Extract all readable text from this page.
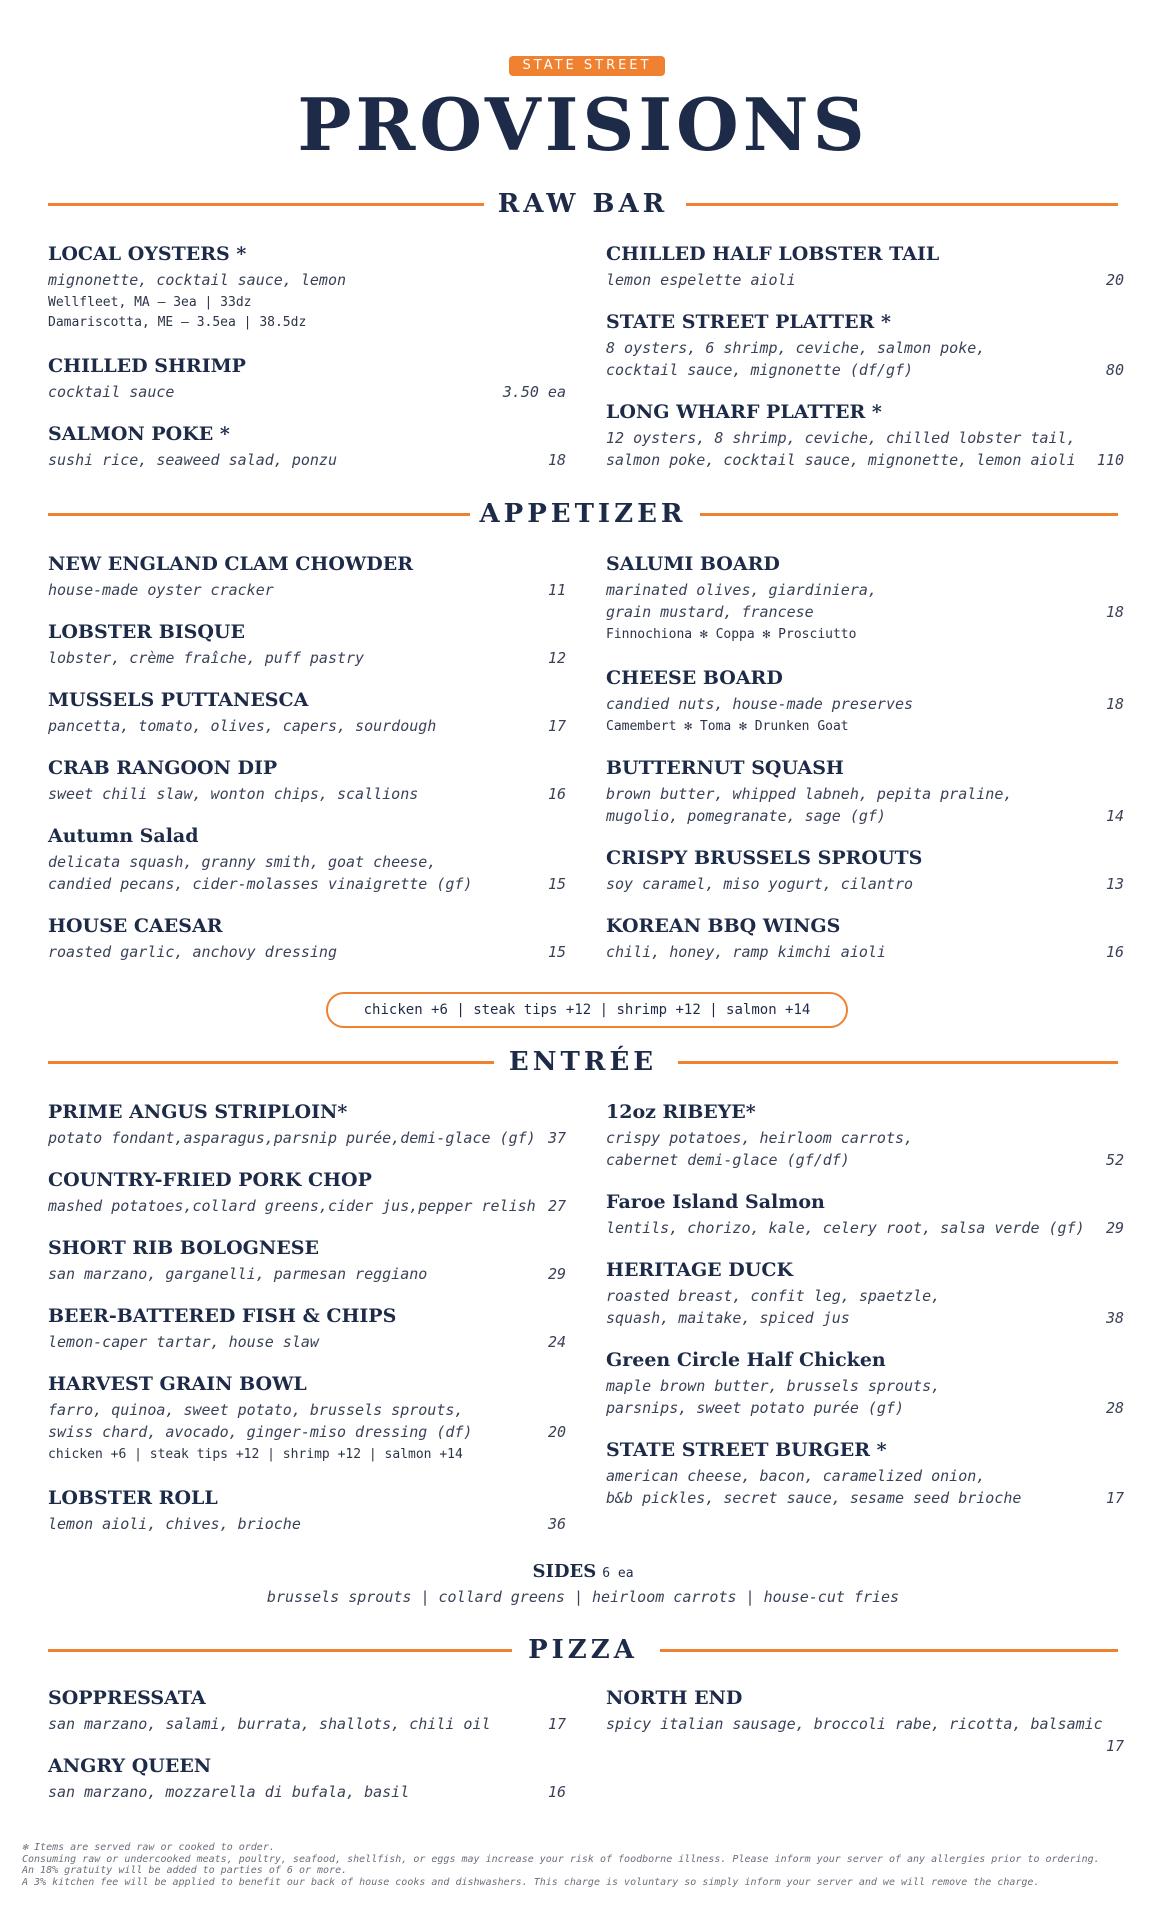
STATE STREET
PROVISIONS
RAW BAR
LOCAL OYSTERS *
mignonette, cocktail sauce, lemon
Wellfleet, MA – 3ea | 33dz
Damariscotta, ME – 3.5ea | 38.5dz
CHILLED SHRIMP
cocktail sauce	3.50 ea
SALMON POKE *
sushi rice, seaweed salad, ponzu	18
CHILLED HALF LOBSTER TAIL
lemon espelette aioli	20
STATE STREET PLATTER *
8 oysters, 6 shrimp, ceviche, salmon poke,
cocktail sauce, mignonette (df/gf)	80
LONG WHARF PLATTER *
12 oysters, 8 shrimp, ceviche, chilled lobster tail,
salmon poke, cocktail sauce, mignonette, lemon aioli	110
APPETIZER
NEW ENGLAND CLAM CHOWDER
house-made oyster cracker	11
LOBSTER BISQUE
lobster, crème fraîche, puff pastry	12
MUSSELS PUTTANESCA
pancetta, tomato, olives, capers, sourdough	17
CRAB RANGOON DIP
sweet chili slaw, wonton chips, scallions	16
Autumn Salad
delicata squash, granny smith, goat cheese,
candied pecans, cider-molasses vinaigrette (gf)	15
HOUSE CAESAR
roasted garlic, anchovy dressing	15
SALUMI BOARD
marinated olives, giardiniera,
grain mustard, francese	18
Finnochiona ✻ Coppa ✻ Prosciutto
CHEESE BOARD
candied nuts, house-made preserves	18
Camembert ✻ Toma ✻ Drunken Goat
BUTTERNUT SQUASH
brown butter, whipped labneh, pepita praline,
mugolio, pomegranate, sage (gf)	14
CRISPY BRUSSELS SPROUTS
soy caramel, miso yogurt, cilantro	13
KOREAN BBQ WINGS
chili, honey, ramp kimchi aioli	16
chicken +6 | steak tips +12 | shrimp +12 | salmon +14
ENTRÉE
PRIME ANGUS STRIPLOIN*
potato fondant,asparagus,parsnip purée,demi-glace (gf) 37
COUNTRY-FRIED PORK CHOP
mashed potatoes,collard greens,cider jus,pepper relish 27
SHORT RIB BOLOGNESE
san marzano, garganelli, parmesan reggiano	29
BEER-BATTERED FISH & CHIPS
lemon-caper tartar, house slaw	24
HARVEST GRAIN BOWL
farro, quinoa, sweet potato, brussels sprouts,
swiss chard, avocado, ginger-miso dressing (df)	20
chicken +6 | steak tips +12 | shrimp +12 | salmon +14
LOBSTER ROLL
lemon aioli, chives, brioche	36
12oz RIBEYE*
crispy potatoes, heirloom carrots,
cabernet demi-glace (gf/df)	52
Faroe Island Salmon
lentils, chorizo, kale, celery root, salsa verde (gf)	29
HERITAGE DUCK
roasted breast, confit leg, spaetzle,
squash, maitake, spiced jus	38
Green Circle Half Chicken
maple brown butter, brussels sprouts,
parsnips, sweet potato purée (gf)	28
STATE STREET BURGER *
american cheese, bacon, caramelized onion,
b&b pickles, secret sauce, sesame seed brioche	17
SIDES 6 ea
brussels sprouts | collard greens | heirloom carrots | house-cut fries
PIZZA
SOPPRESSATA
san marzano, salami, burrata, shallots, chili oil	17
ANGRY QUEEN
san marzano, mozzarella di bufala, basil	16
NORTH END
spicy italian sausage, broccoli rabe, ricotta, balsamic
17
✻ Items are served raw or cooked to order.
Consuming raw or undercooked meats, poultry, seafood, shellfish, or eggs may increase your risk of foodborne illness. Please inform your server of any allergies prior to ordering.
An 18% gratuity will be added to parties of 6 or more.
A 3% kitchen fee will be applied to benefit our back of house cooks and dishwashers. This charge is voluntary so simply inform your server and we will remove the charge.
